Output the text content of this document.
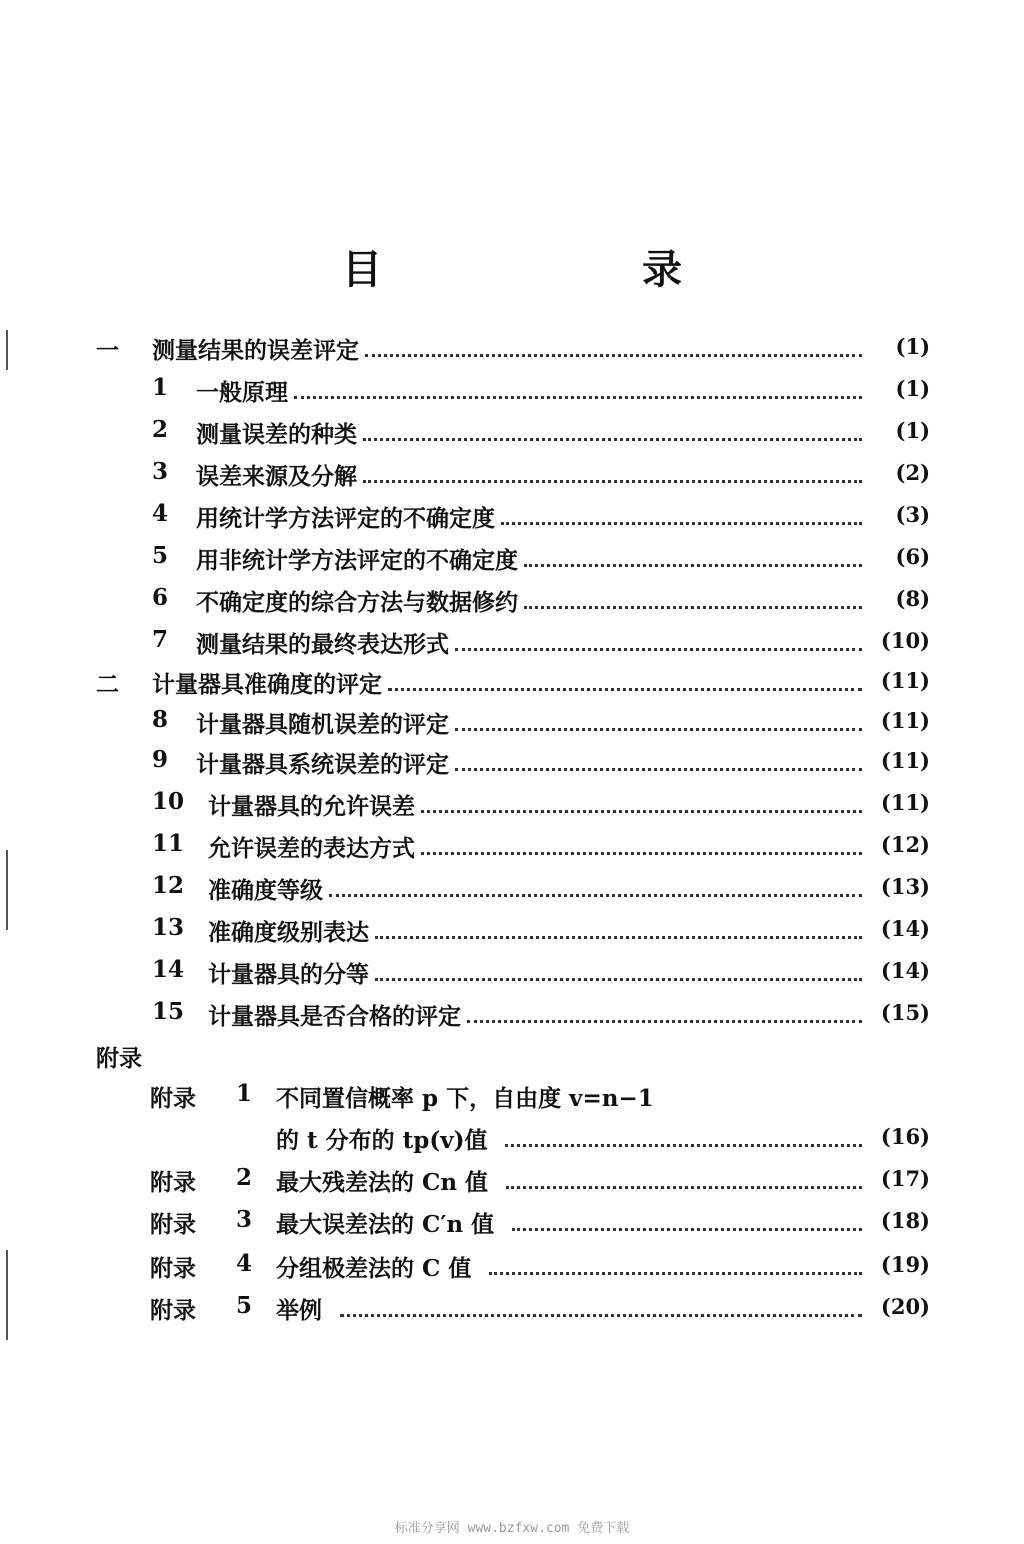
目　录
一 测量结果的误差评定	(1)
1 一般原理	(1)
2 测量误差的种类	(1)
3 误差来源及分解	(2)
4 用统计学方法评定的不确定度	(3)
5 用非统计学方法评定的不确定度	(6)
6 不确定度的综合方法与数据修约	(8)
7 测量结果的最终表达形式	(10)
二 计量器具准确度的评定	(11)
8 计量器具随机误差的评定	(11)
9 计量器具系统误差的评定	(11)
10 计量器具的允许误差	(11)
11 允许误差的表达方式	(12)
12 准确度等级	(13)
13 准确度级别表达	(14)
14 计量器具的分等	(14)
15 计量器具是否合格的评定	(15)
附录
附录 1 不同置信概率 p 下，自由度 v=n−1
的 t 分布的 tp(v)值	(16)
附录 2 最大残差法的 Cn 值	(17)
附录 3 最大误差法的 C′n 值	(18)
附录 4 分组极差法的 C 值	(19)
附录 5 举例	(20)
标准分享网 www.bzfxw.com 免费下载
